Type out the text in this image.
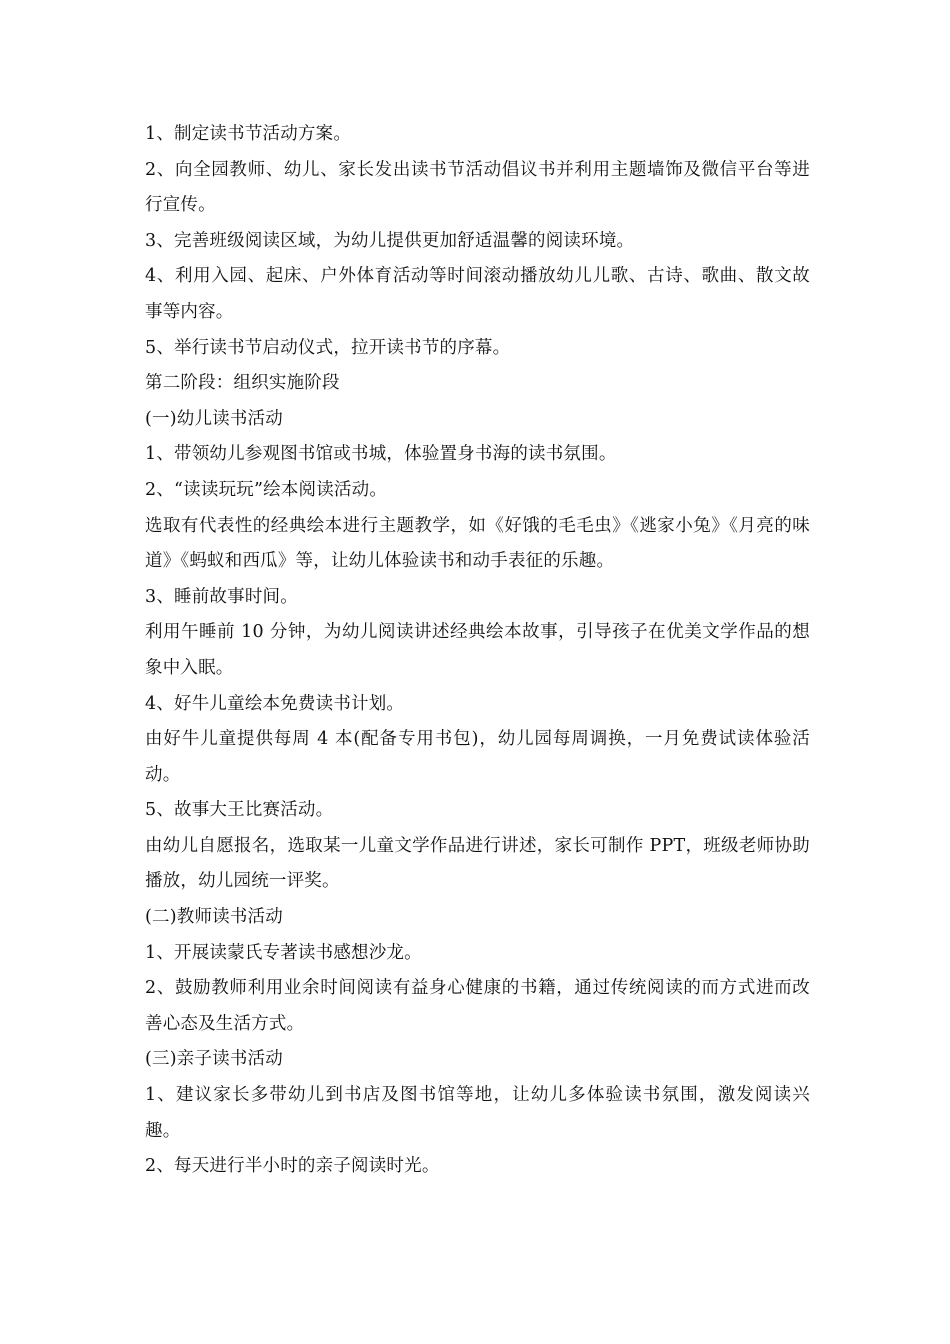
1、制定读书节活动方案。

2、向全园教师、幼儿、家长发出读书节活动倡议书并利用主题墙饰及微信平台等进行宣传。

3、完善班级阅读区域，为幼儿提供更加舒适温馨的阅读环境。

4、利用入园、起床、户外体育活动等时间滚动播放幼儿儿歌、古诗、歌曲、散文故事等内容。

5、举行读书节启动仪式，拉开读书节的序幕。

第二阶段：组织实施阶段

(一)幼儿读书活动

1、带领幼儿参观图书馆或书城，体验置身书海的读书氛围。

2、“读读玩玩”绘本阅读活动。

选取有代表性的经典绘本进行主题教学，如《好饿的毛毛虫》《逃家小兔》《月亮的味道》《蚂蚁和西瓜》等，让幼儿体验读书和动手表征的乐趣。

3、睡前故事时间。

利用午睡前 10 分钟，为幼儿阅读讲述经典绘本故事，引导孩子在优美文学作品的想象中入眠。

4、好牛儿童绘本免费读书计划。

由好牛儿童提供每周 4 本(配备专用书包)，幼儿园每周调换，一月免费试读体验活动。

5、故事大王比赛活动。

由幼儿自愿报名，选取某一儿童文学作品进行讲述，家长可制作 PPT，班级老师协助播放，幼儿园统一评奖。

(二)教师读书活动

1、开展读蒙氏专著读书感想沙龙。

2、鼓励教师利用业余时间阅读有益身心健康的书籍，通过传统阅读的而方式进而改善心态及生活方式。

(三)亲子读书活动

1、建议家长多带幼儿到书店及图书馆等地，让幼儿多体验读书氛围，激发阅读兴趣。

2、每天进行半小时的亲子阅读时光。
